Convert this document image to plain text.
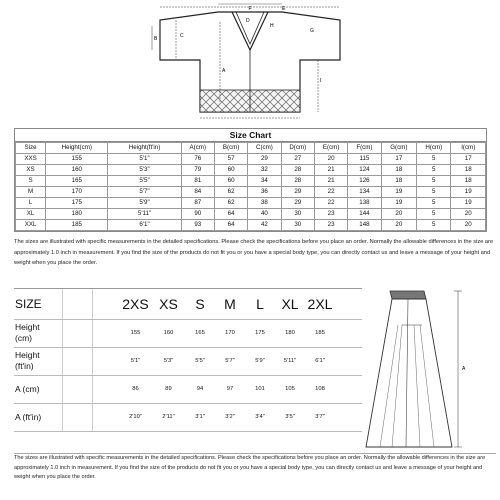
F
C
B
D
E
I
G
H
A
Size Chart
Size	Height(cm)	Height(ft'in)	A(cm)	B(cm)	C(cm)	D(cm)	E(cm)	F(cm)	G(cm)	H(cm)	I(cm)
XXS	155	5'1"	76	57	29	27	20	115	17	5	17
XS	160	5'3"	79	60	32	28	21	124	18	5	18
S	165	5'5"	81	60	34	28	21	126	18	5	18
M	170	5'7"	84	62	36	29	22	134	19	5	19
L	175	5'9"	87	62	38	29	22	138	19	5	19
XL	180	5'11"	90	64	40	30	23	144	20	5	20
XXL	185	6'1"	93	64	42	30	23	148	20	5	20
The sizes are illustrated with specific measurements in the detailed specifications. Please check the specifications before you place an order. Normally the allowable differences in the size are approximately 1.0 inch in measurement. If you find the size of the products do not fit you or you have a special body type, you can directly contact us and leave a message of your height and weight when you place the order.
SIZE			2XS	XS	S	M	L	XL	2XL	

Height
(cm)			155	160	165	170	175	180	185	

Height
(ft'in)			5'1"	5'3"	5'5"	5'7"	5'9"	5'11"	6'1"	

A (cm)			86	89	94	97	101	105	108	

A (ft'in)			2'10"	2'11"	3'1"	3'2"	3'4"	3'5"	3'7"	
A
The sizes are illustrated with specific measurements in the detailed specifications. Please check the specifications before you place an order. Normally the allowable differences in the size are approximately 1.0 inch in measurement. If you find the size of the products do not fit you or you have a special body type, you can directly contact us and leave a message of your height and weight when you place the order.
